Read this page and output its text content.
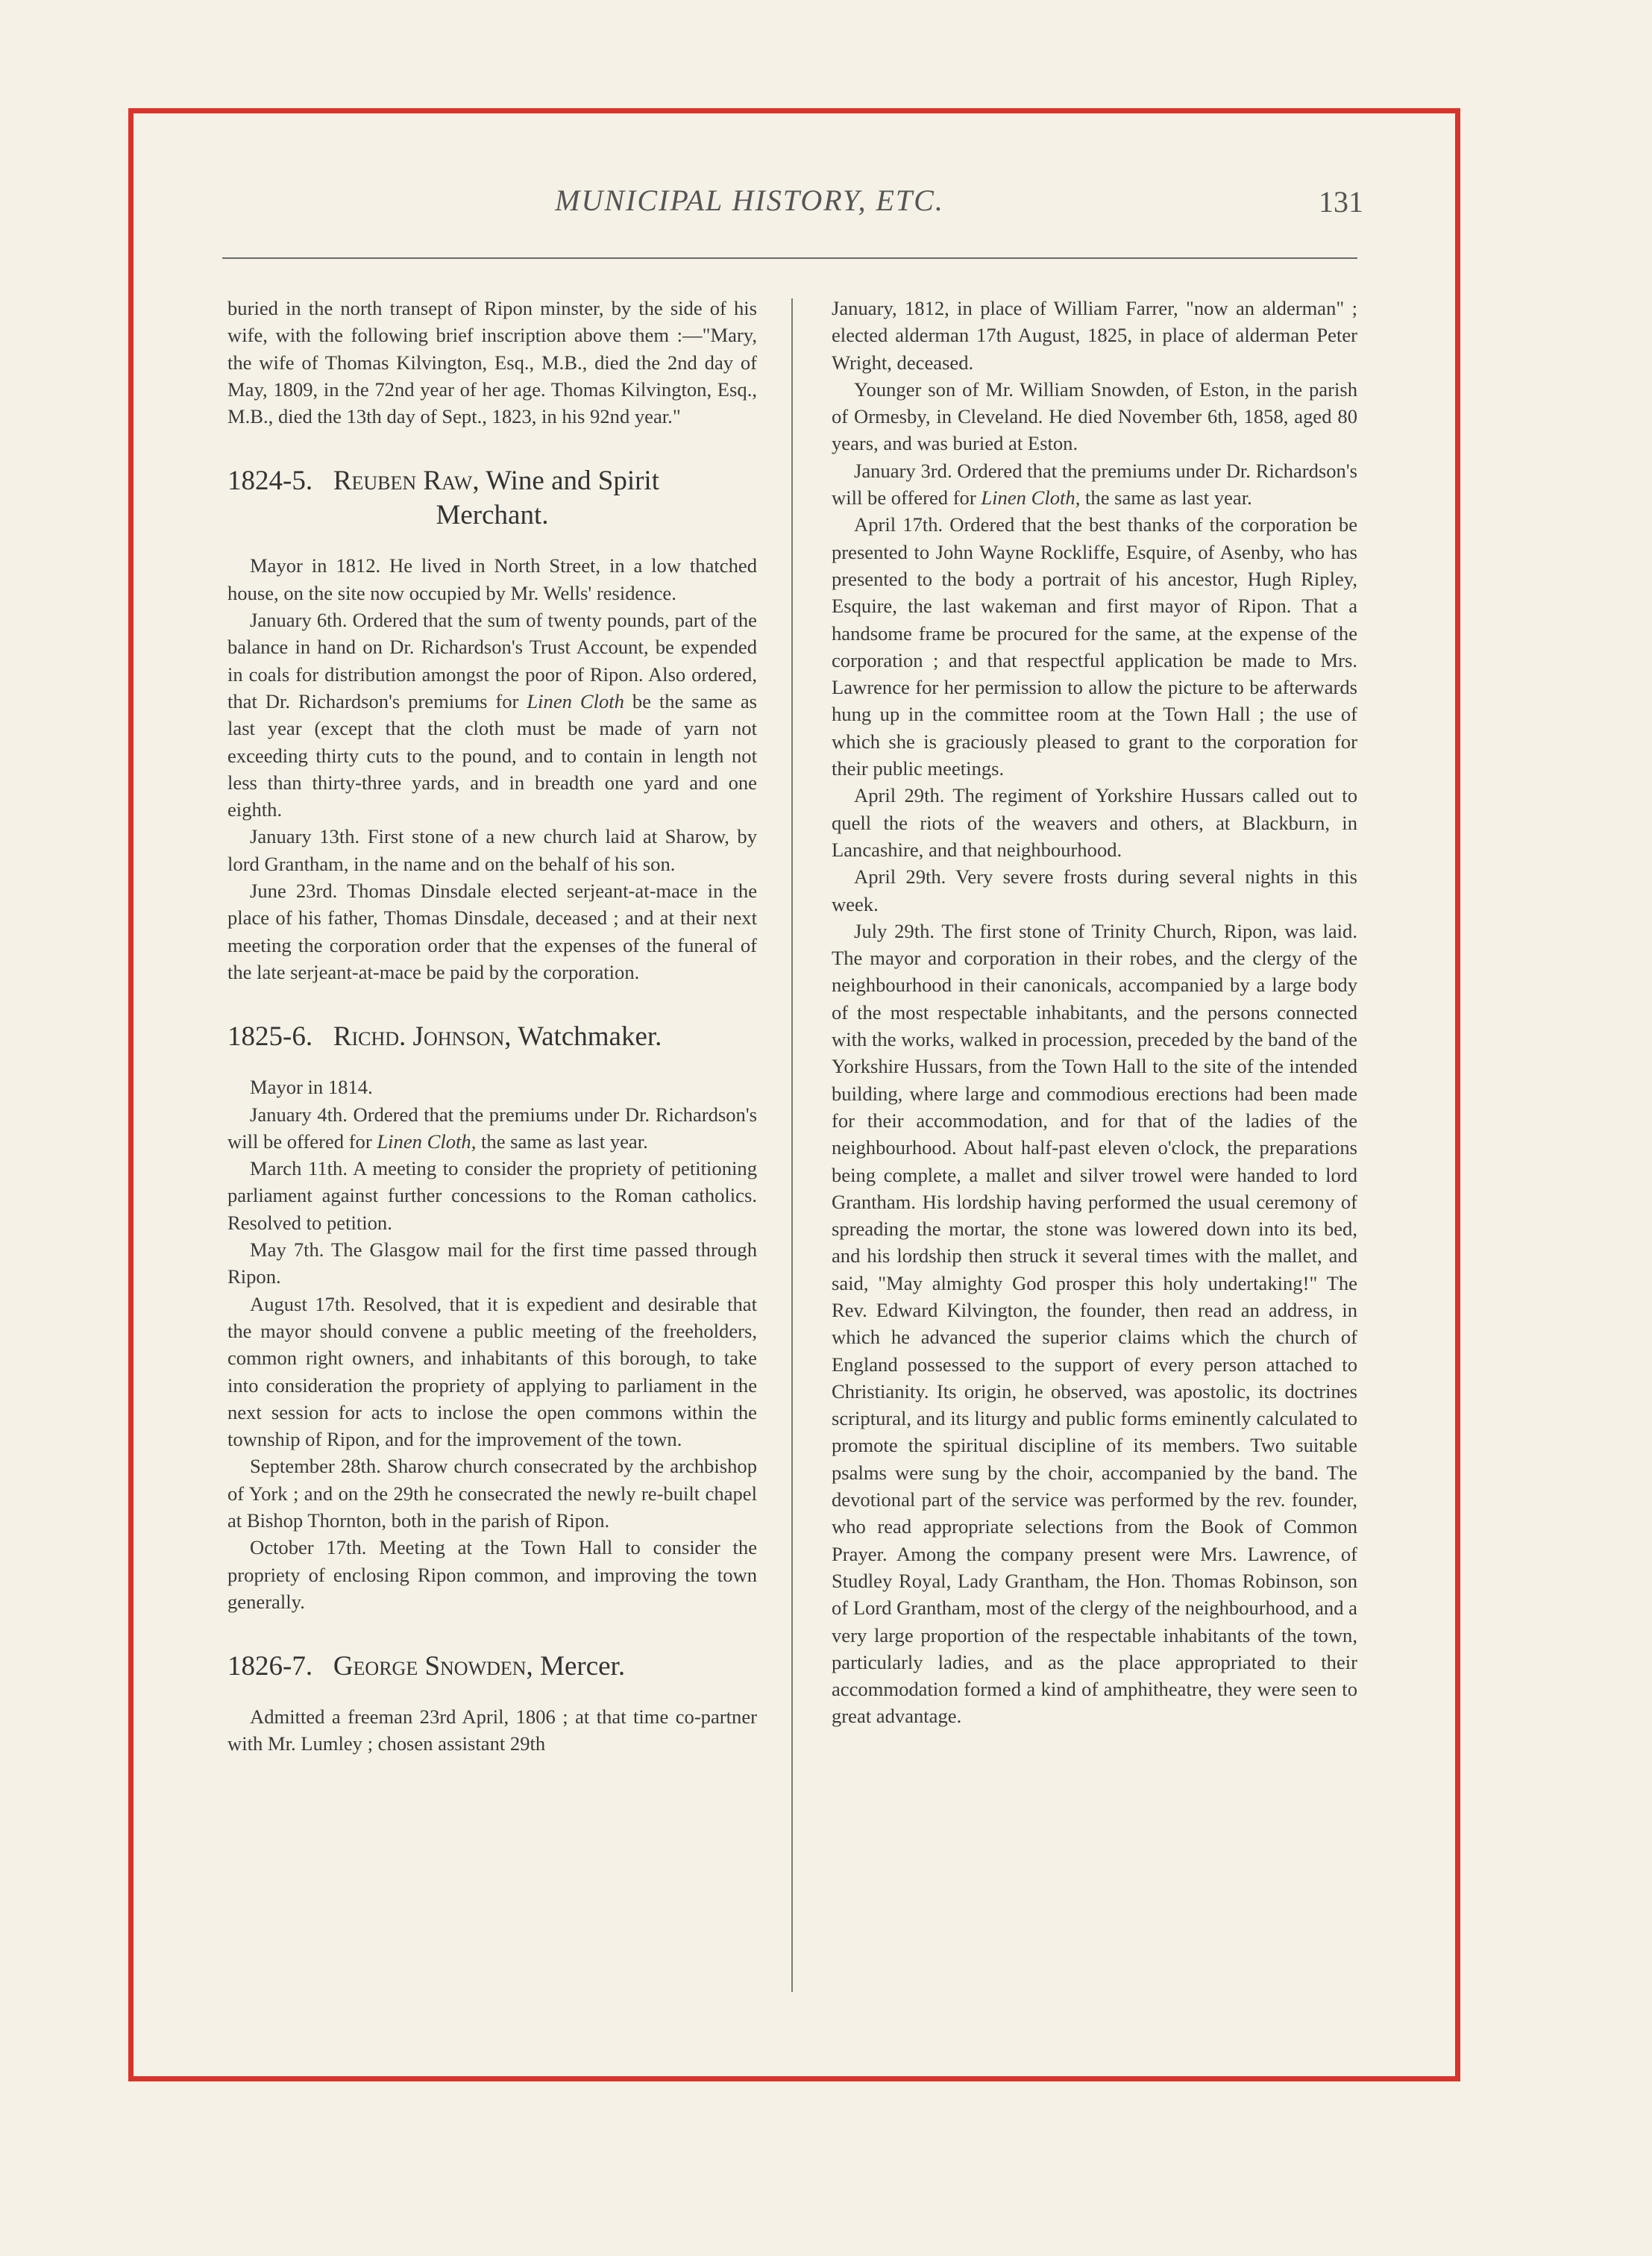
MUNICIPAL HISTORY, ETC.	131

buried in the north transept of Ripon minster, by the side of his wife, with the following brief inscription above them :—"Mary, the wife of Thomas Kilvington, Esq., M.B., died the 2nd day of May, 1809, in the 72nd year of her age. Thomas Kilvington, Esq., M.B., died the 13th day of Sept., 1823, in his 92nd year."

1824-5. Reuben Raw, Wine and Spirit
Merchant.

Mayor in 1812. He lived in North Street, in a low thatched house, on the site now occupied by Mr. Wells' residence.

January 6th. Ordered that the sum of twenty pounds, part of the balance in hand on Dr. Richardson's Trust Account, be expended in coals for distribution amongst the poor of Ripon. Also ordered, that Dr. Richardson's premiums for Linen Cloth be the same as last year (except that the cloth must be made of yarn not exceeding thirty cuts to the pound, and to contain in length not less than thirty-three yards, and in breadth one yard and one eighth.

January 13th. First stone of a new church laid at Sharow, by lord Grantham, in the name and on the behalf of his son.

June 23rd. Thomas Dinsdale elected serjeant-at-mace in the place of his father, Thomas Dinsdale, deceased ; and at their next meeting the corporation order that the expenses of the funeral of the late serjeant-at-mace be paid by the corporation.

1825-6. Richd. Johnson, Watchmaker.

Mayor in 1814.

January 4th. Ordered that the premiums under Dr. Richardson's will be offered for Linen Cloth, the same as last year.

March 11th. A meeting to consider the propriety of petitioning parliament against further concessions to the Roman catholics. Resolved to petition.

May 7th. The Glasgow mail for the first time passed through Ripon.

August 17th. Resolved, that it is expedient and desirable that the mayor should convene a public meeting of the freeholders, common right owners, and inhabitants of this borough, to take into consideration the propriety of applying to parliament in the next session for acts to inclose the open commons within the township of Ripon, and for the improvement of the town.

September 28th. Sharow church consecrated by the archbishop of York ; and on the 29th he consecrated the newly re-built chapel at Bishop Thornton, both in the parish of Ripon.

October 17th. Meeting at the Town Hall to consider the propriety of enclosing Ripon common, and improving the town generally.

1826-7. George Snowden, Mercer.

Admitted a freeman 23rd April, 1806 ; at that time co-partner with Mr. Lumley ; chosen assistant 29th

January, 1812, in place of William Farrer, "now an alderman" ; elected alderman 17th August, 1825, in place of alderman Peter Wright, deceased.

Younger son of Mr. William Snowden, of Eston, in the parish of Ormesby, in Cleveland. He died November 6th, 1858, aged 80 years, and was buried at Eston.

January 3rd. Ordered that the premiums under Dr. Richardson's will be offered for Linen Cloth, the same as last year.

April 17th. Ordered that the best thanks of the corporation be presented to John Wayne Rockliffe, Esquire, of Asenby, who has presented to the body a portrait of his ancestor, Hugh Ripley, Esquire, the last wakeman and first mayor of Ripon. That a handsome frame be procured for the same, at the expense of the corporation ; and that respectful application be made to Mrs. Lawrence for her permission to allow the picture to be afterwards hung up in the committee room at the Town Hall ; the use of which she is graciously pleased to grant to the corporation for their public meetings.

April 29th. The regiment of Yorkshire Hussars called out to quell the riots of the weavers and others, at Blackburn, in Lancashire, and that neighbourhood.

April 29th. Very severe frosts during several nights in this week.

July 29th. The first stone of Trinity Church, Ripon, was laid. The mayor and corporation in their robes, and the clergy of the neighbourhood in their canonicals, accompanied by a large body of the most respectable inhabitants, and the persons connected with the works, walked in procession, preceded by the band of the Yorkshire Hussars, from the Town Hall to the site of the intended building, where large and commodious erections had been made for their accommodation, and for that of the ladies of the neighbourhood. About half-past eleven o'clock, the preparations being complete, a mallet and silver trowel were handed to lord Grantham. His lordship having performed the usual ceremony of spreading the mortar, the stone was lowered down into its bed, and his lordship then struck it several times with the mallet, and said, "May almighty God prosper this holy undertaking!" The Rev. Edward Kilvington, the founder, then read an address, in which he advanced the superior claims which the church of England possessed to the support of every person attached to Christianity. Its origin, he observed, was apostolic, its doctrines scriptural, and its liturgy and public forms eminently calculated to promote the spiritual discipline of its members. Two suitable psalms were sung by the choir, accompanied by the band. The devotional part of the service was performed by the rev. founder, who read appropriate selections from the Book of Common Prayer. Among the company present were Mrs. Lawrence, of Studley Royal, Lady Grantham, the Hon. Thomas Robinson, son of Lord Grantham, most of the clergy of the neighbourhood, and a very large proportion of the respectable inhabitants of the town, particularly ladies, and as the place appropriated to their accommodation formed a kind of amphitheatre, they were seen to great advantage.
